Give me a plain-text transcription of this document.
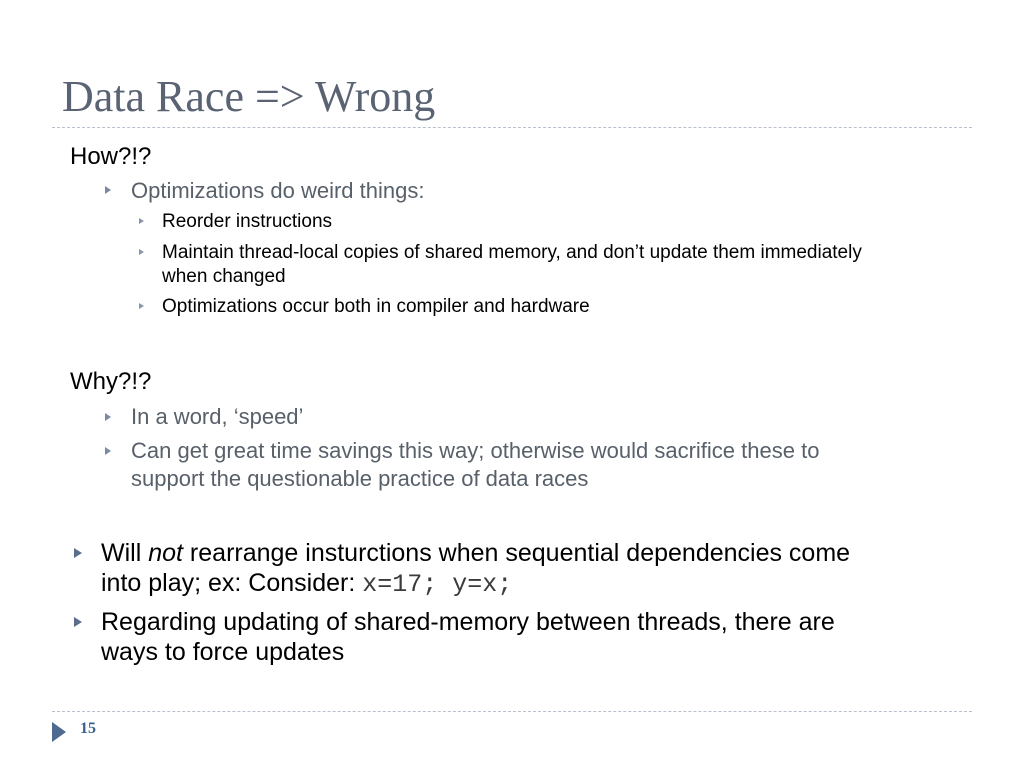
Data Race => Wrong
How?!?
Optimizations do weird things:
Reorder instructions
Maintain thread-local copies of shared memory, and don’t update them immediately
when changed
Optimizations occur both in compiler and hardware
Why?!?
In a word, ‘speed’
Can get great time savings this way; otherwise would sacrifice these to
support the questionable practice of data races
Will not rearrange insturctions when sequential dependencies come
into play; ex: Consider: x=17; y=x;
Regarding updating of shared-memory between threads, there are
ways to force updates
15
